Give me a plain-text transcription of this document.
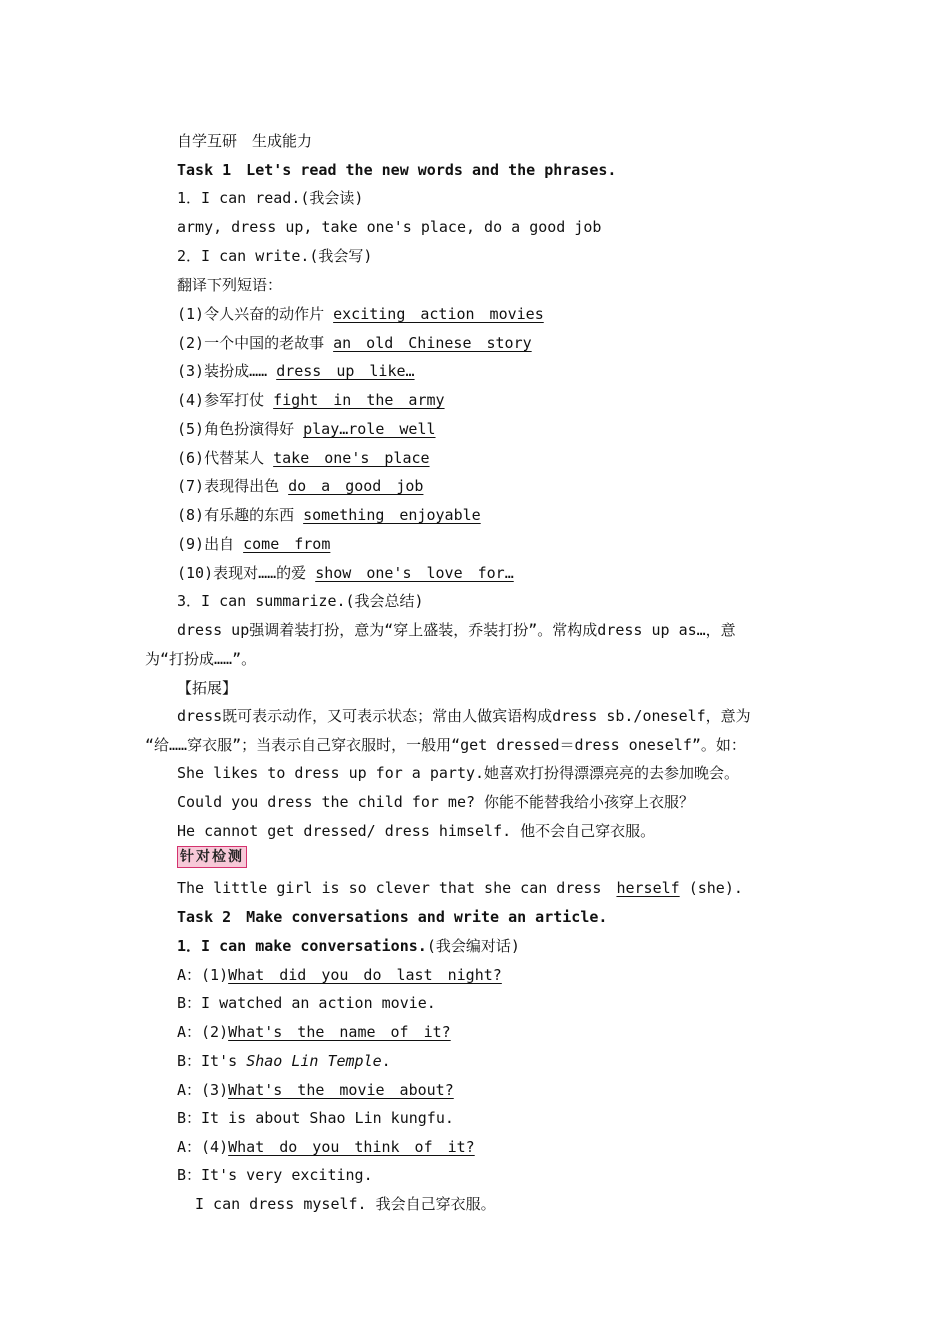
自学互研　生成能力
Task 1　Let's read the new words and the phrases.
1．I can read.(我会读)
army, dress up, take one's place, do a good job
2．I can write.(我会写)
翻译下列短语：
(1)令人兴奋的动作片 exciting　action　movies
(2)一个中国的老故事 an　old　Chinese　story
(3)装扮成…… dress　up　like…
(4)参军打仗 fight　in　the　army
(5)角色扮演得好 play…role　well
(6)代替某人 take　one's　place
(7)表现得出色 do　a　good　job
(8)有乐趣的东西 something　enjoyable
(9)出自 come　from
(10)表现对……的爱 show　one's　love　for…
3．I can summarize.(我会总结)
dress up强调着装打扮，意为“穿上盛装，乔装打扮”。常构成dress up as…，意
为“打扮成……”。
【拓展】
dress既可表示动作，又可表示状态；常由人做宾语构成dress sb./oneself，意为
“给……穿衣服”；当表示自己穿衣服时，一般用“get dressed＝dress oneself”。如：
She likes to dress up for a party.她喜欢打扮得漂漂亮亮的去参加晚会。
Could you dress the child for me? 你能不能替我给小孩穿上衣服？
He cannot get dressed/ dress himself. 他不会自己穿衣服。
针对检测
The little girl is so clever that she can dress　herself (she).
Task 2　Make conversations and write an article.
1．I can make conversations.(我会编对话)
A：(1)What　did　you　do　last　night?
B：I watched an action movie.
A：(2)What's　the　name　of　it?
B：It's Shao Lin Temple.
A：(3)What's　the　movie　about?
B：It is about Shao Lin kungfu.
A：(4)What　do　you　think　of　it?
B：It's very exciting.
I can dress myself. 我会自己穿衣服。
